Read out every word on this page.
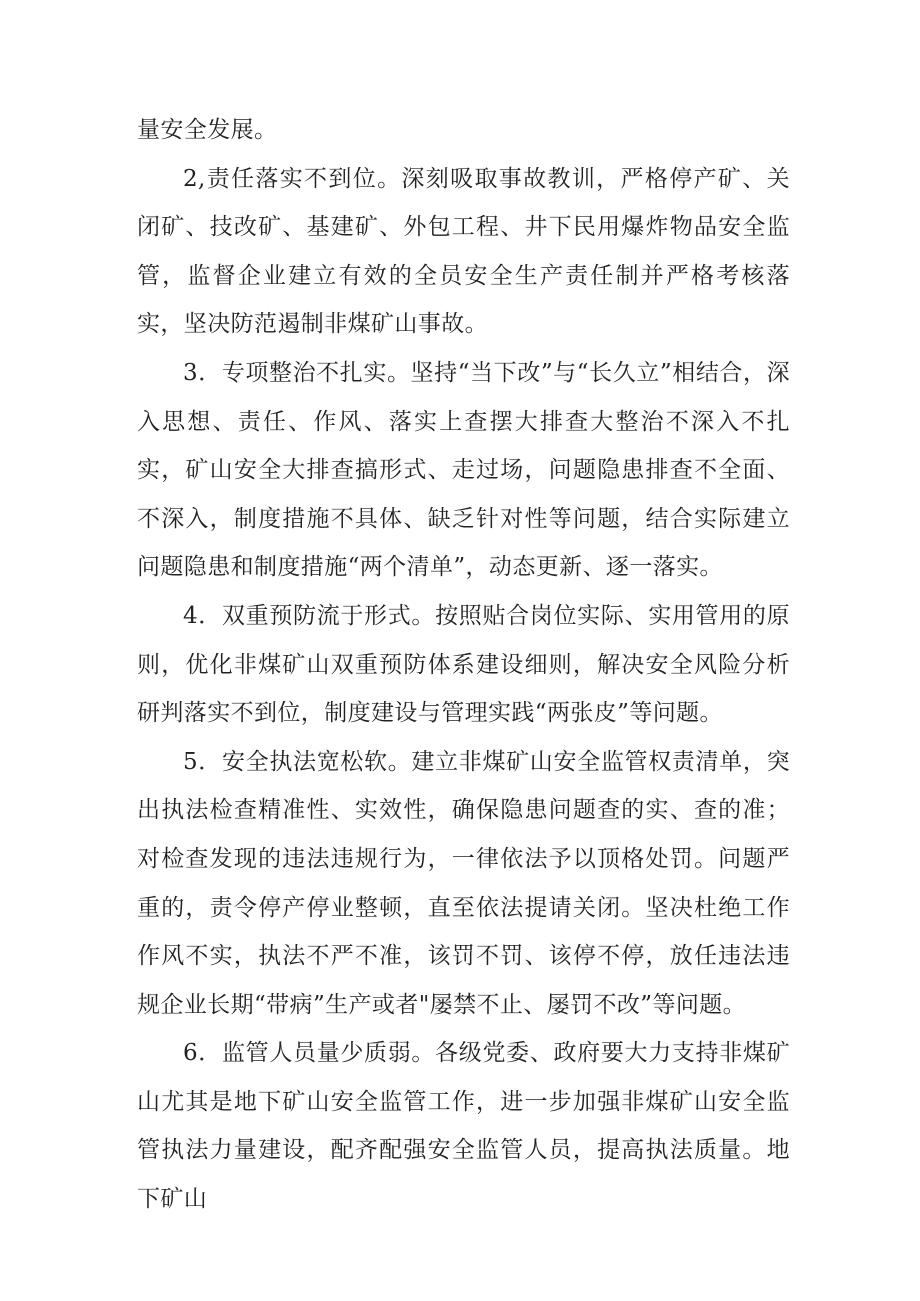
量安全发展。

2,责任落实不到位。深刻吸取事故教训，严格停产矿、关闭矿、技改矿、基建矿、外包工程、井下民用爆炸物品安全监管，监督企业建立有效的全员安全生产责任制并严格考核落实，坚决防范遏制非煤矿山事故。

3．专项整治不扎实。坚持“当下改”与“长久立”相结合，深入思想、责任、作风、落实上查摆大排查大整治不深入不扎实，矿山安全大排查搞形式、走过场，问题隐患排查不全面、不深入，制度措施不具体、缺乏针对性等问题，结合实际建立问题隐患和制度措施“两个清单”，动态更新、逐一落实。

4．双重预防流于形式。按照贴合岗位实际、实用管用的原则，优化非煤矿山双重预防体系建设细则，解决安全风险分析研判落实不到位，制度建设与管理实践“两张皮”等问题。

5．安全执法宽松软。建立非煤矿山安全监管权责清单，突出执法检查精准性、实效性，确保隐患问题查的实、查的准；对检查发现的违法违规行为，一律依法予以顶格处罚。问题严重的，责令停产停业整顿，直至依法提请关闭。坚决杜绝工作作风不实，执法不严不准，该罚不罚、该停不停，放任违法违规企业长期“带病”生产或者"屡禁不止、屡罚不改”等问题。

6．监管人员量少质弱。各级党委、政府要大力支持非煤矿山尤其是地下矿山安全监管工作，进一步加强非煤矿山安全监管执法力量建设，配齐配强安全监管人员，提高执法质量。地下矿山
